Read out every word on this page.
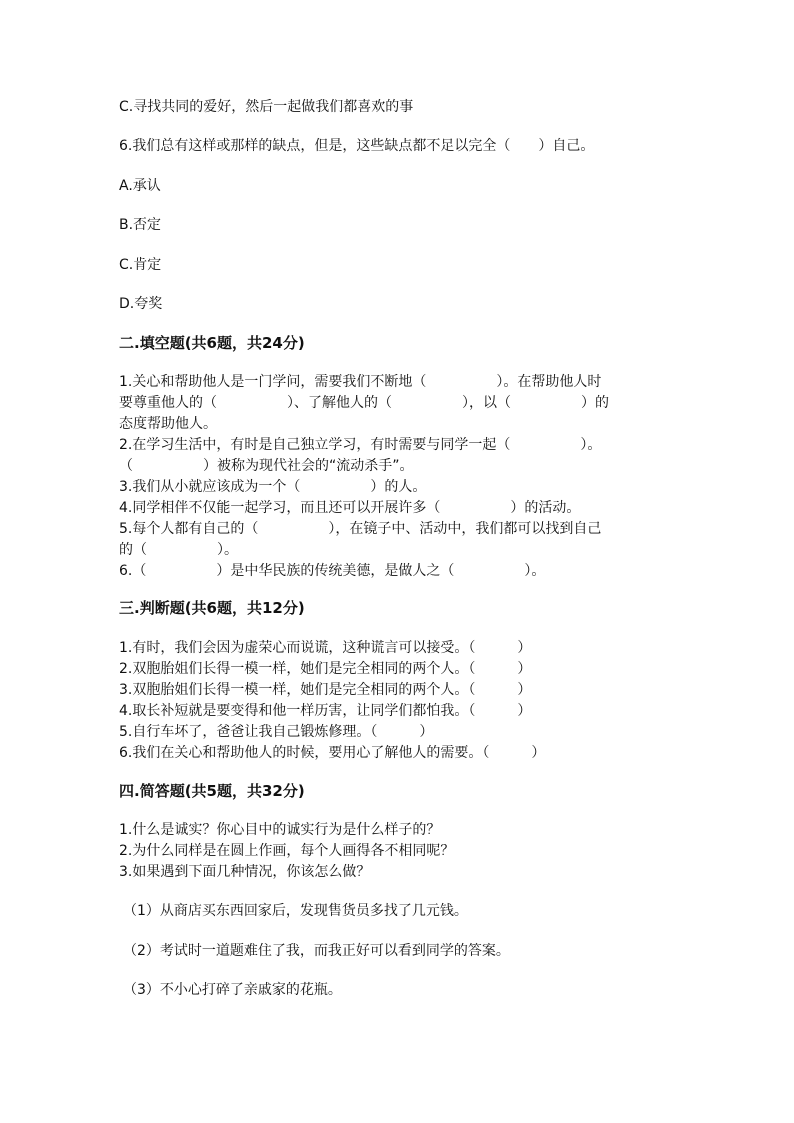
C.寻找共同的爱好，然后一起做我们都喜欢的事
6.我们总有这样或那样的缺点，但是，这些缺点都不足以完全（　　）自己。
A.承认
B.否定
C.肯定
D.夸奖
二.填空题(共6题，共24分)
1.关心和帮助他人是一门学问，需要我们不断地（　　　　　）。在帮助他人时
要尊重他人的（　　　　　）、了解他人的（　　　　　），以（　　　　　）的
态度帮助他人。
2.在学习生活中，有时是自己独立学习，有时需要与同学一起（　　　　　）。
（　　　　　）被称为现代社会的“流动杀手”。
3.我们从小就应该成为一个（　　　　　）的人。
4.同学相伴不仅能一起学习，而且还可以开展许多（　　　　　）的活动。
5.每个人都有自己的（　　　　　），在镜子中、活动中，我们都可以找到自己
的（　　　　　）。
6.（　　　　　）是中华民族的传统美德，是做人之（　　　　　）。
三.判断题(共6题，共12分)
1.有时，我们会因为虚荣心而说谎，这种谎言可以接受。（　　　）
2.双胞胎姐们长得一模一样，她们是完全相同的两个人。（　　　）
3.双胞胎姐们长得一模一样，她们是完全相同的两个人。（　　　）
4.取长补短就是要变得和他一样历害，让同学们都怕我。（　　　）
5.自行车坏了，爸爸让我自己锻炼修理。（　　　）
6.我们在关心和帮助他人的时候，要用心了解他人的需要。（　　　）
四.简答题(共5题，共32分)
1.什么是诚实？你心目中的诚实行为是什么样子的？
2.为什么同样是在圆上作画，每个人画得各不相同呢？
3.如果遇到下面几种情况，你该怎么做？
（1）从商店买东西回家后，发现售货员多找了几元钱。
（2）考试时一道题难住了我，而我正好可以看到同学的答案。
（3）不小心打碎了亲戚家的花瓶。
